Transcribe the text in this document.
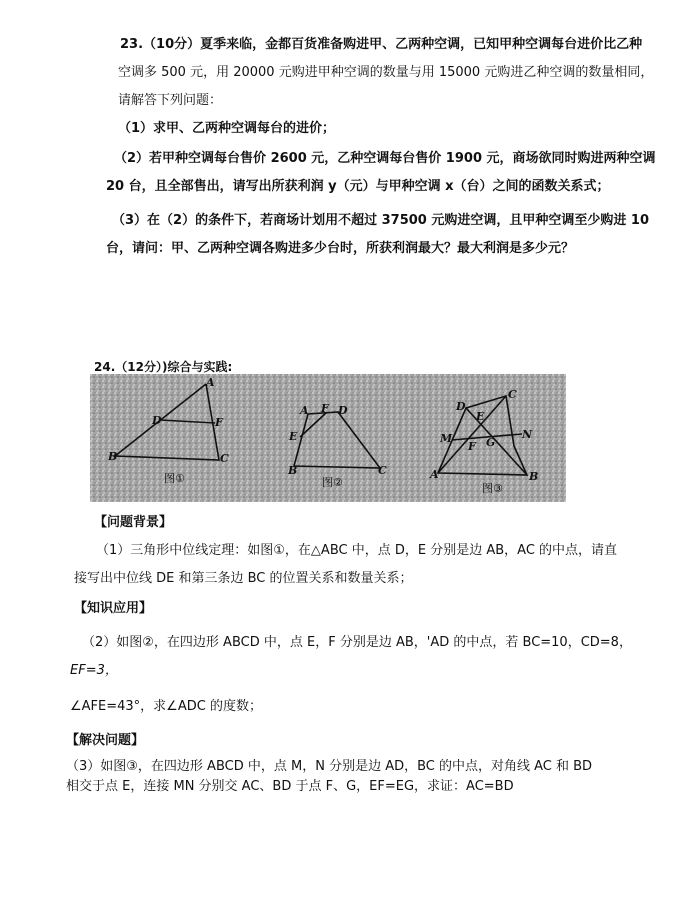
23.（10分）夏季来临，金都百货准备购进甲、乙两种空调，已知甲种空调每台进价比乙种
空调多 500 元，用 20000 元购进甲种空调的数量与用 15000 元购进乙种空调的数量相同，
请解答下列问题：
（1）求甲、乙两种空调每台的进价；
（2）若甲种空调每台售价 2600 元，乙种空调每台售价 1900 元，商场欲同时购进两种空调
20 台，且全部售出，请写出所获利润 y（元）与甲种空调 x（台）之间的函数关系式；
（3）在（2）的条件下，若商场计划用不超过 37500 元购进空调，且甲种空调至少购进 10
台，请问：甲、乙两种空调各购进多少台时，所获利润最大？最大利润是多少元？
24.（12分）)综合与实践:
A
D	F
B	C
图①
A F D
E
B	C
图②
D
C
E
M
F G
N
A	B
图③
【问题背景】
（1）三角形中位线定理：如图①，在△ABC 中，点 D，E 分别是边 AB，AC 的中点，请直
接写出中位线 DE 和第三条边 BC 的位置关系和数量关系；
【知识应用】
（2）如图②，在四边形 ABCD 中，点 E，F 分别是边 AB，'AD 的中点，若 BC=10，CD=8，
EF=3，
∠AFE=43°，求∠ADC 的度数；
【解决问题】
（3）如图③，在四边形 ABCD 中，点 M，N 分别是边 AD，BC 的中点，对角线 AC 和 BD
相交于点 E，连接 MN 分别交 AC、BD 于点 F、G，EF=EG，求证：AC=BD
